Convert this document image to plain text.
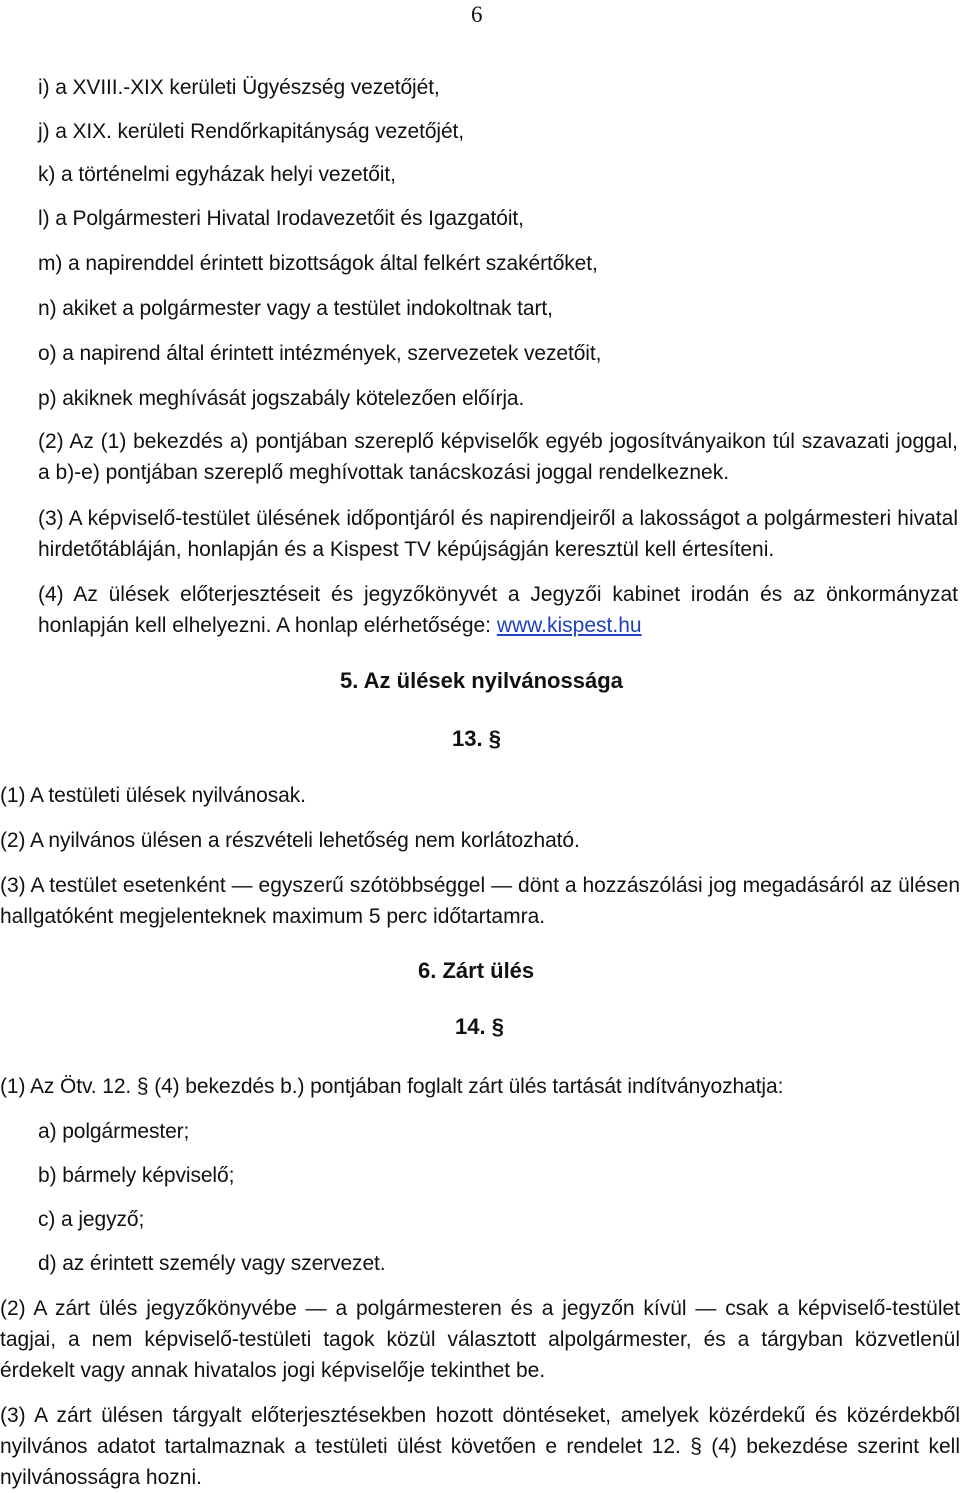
6
i) a XVIII.-XIX kerületi Ügyészség vezetőjét,
j) a XIX. kerületi Rendőrkapitányság vezetőjét,
k) a történelmi egyházak helyi vezetőit,
l) a Polgármesteri Hivatal Irodavezetőit és Igazgatóit,
m) a napirenddel érintett bizottságok által felkért szakértőket,
n) akiket a polgármester vagy a testület indokoltnak tart,
o) a napirend által érintett intézmények, szervezetek vezetőit,
p) akiknek meghívását jogszabály kötelezően előírja.
(2) Az (1) bekezdés a) pontjában szereplő képviselők egyéb jogosítványaikon túl szavazati joggal, a b)-e) pontjában szereplő meghívottak tanácskozási joggal rendelkeznek.
(3) A képviselő-testület ülésének időpontjáról és napirendjeiről a lakosságot a polgármesteri hivatal hirdetőtábláján, honlapján és a Kispest TV képújságján keresztül kell értesíteni.
(4) Az ülések előterjesztéseit és jegyzőkönyvét a Jegyzői kabinet irodán és az önkormányzat honlapján kell elhelyezni. A honlap elérhetősége: www.kispest.hu
5. Az ülések nyilvánossága
13. §
(1) A testületi ülések nyilvánosak.
(2) A nyilvános ülésen a részvételi lehetőség nem korlátozható.
(3) A testület esetenként — egyszerű szótöbbséggel — dönt a hozzászólási jog megadásáról az ülésen hallgatóként megjelenteknek maximum 5 perc időtartamra.
6. Zárt ülés
14. §
(1) Az Ötv. 12. § (4) bekezdés b.) pontjában foglalt zárt ülés tartását indítványozhatja:
a) polgármester;
b) bármely képviselő;
c) a jegyző;
d) az érintett személy vagy szervezet.
(2) A zárt ülés jegyzőkönyvébe — a polgármesteren és a jegyzőn kívül — csak a képviselő-testület tagjai, a nem képviselő-testületi tagok közül választott alpolgármester, és a tárgyban közvetlenül érdekelt vagy annak hivatalos jogi képviselője tekinthet be.
(3) A zárt ülésen tárgyalt előterjesztésekben hozott döntéseket, amelyek közérdekű és közérdekből nyilvános adatot tartalmaznak a testületi ülést követően e rendelet 12. § (4) bekezdése szerint kell nyilvánosságra hozni.
